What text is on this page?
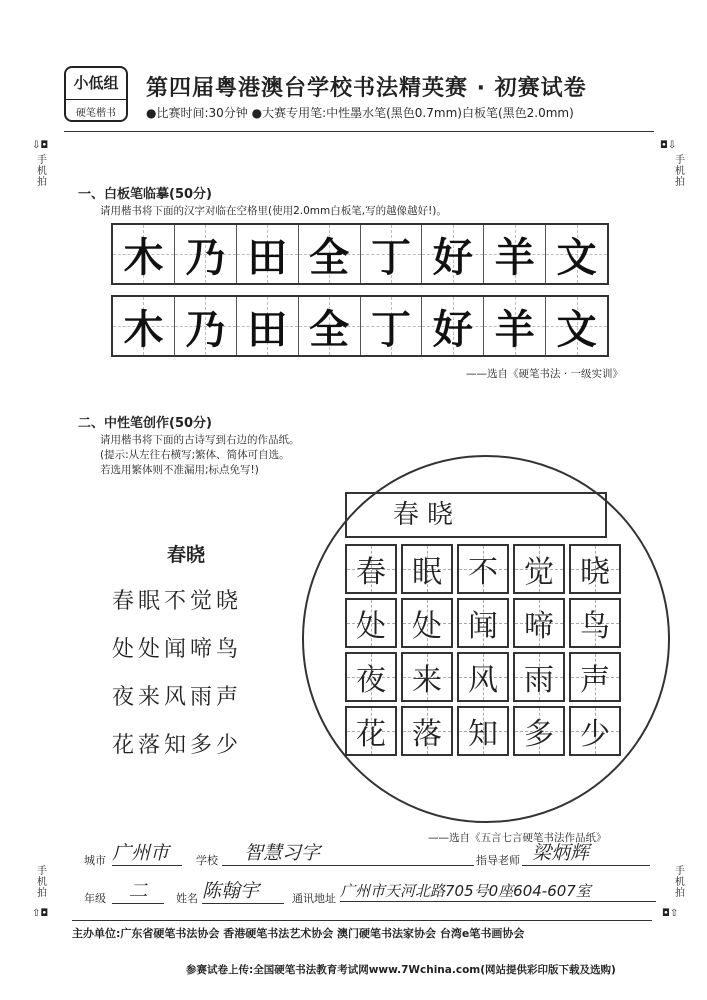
小低组
硬笔楷书
第四届粤港澳台学校书法精英赛 · 初赛试卷
●比赛时间:30分钟 ●大赛专用笔:中性墨水笔(黑色0.7mm)白板笔(黑色2.0mm)
⇩◘
手机拍
◘⇩
手机拍
手机拍
⇧◘
手机拍
◘⇧
一、白板笔临摹(50分)
请用楷书将下面的汉字对临在空格里(使用2.0mm白板笔,写的越像越好!)。
木 乃 田 全 丁 好 羊 文
木 乃 田 全 丁 好 羊 文
——选自《硬笔书法 · 一级实训》
二、中性笔创作(50分)
请用楷书将下面的古诗写到右边的作品纸。
(提示:从左往右横写;繁体、简体可自选。
若选用繁体则不准漏用;标点免写!)
春晓
春眠不觉晓
处处闻啼鸟
夜来风雨声
花落知多少
春晓
春 眠 不 觉 晓
处 处 闻 啼 鸟
夜 来 风 雨 声
花 落 知 多 少
——选自《五言七言硬笔书法作品纸》
城市 广州市	学校	智慧习字	指导老师 梁炳辉
年级	二	姓名 陈翰宇	通讯地址 广州市天河北路705号0座604-607室
主办单位:广东省硬笔书法协会 香港硬笔书法艺术协会 澳门硬笔书法家协会 台湾e笔书画协会
参赛试卷上传:全国硬笔书法教育考试网www.7Wchina.com(网站提供彩印版下载及选购)
